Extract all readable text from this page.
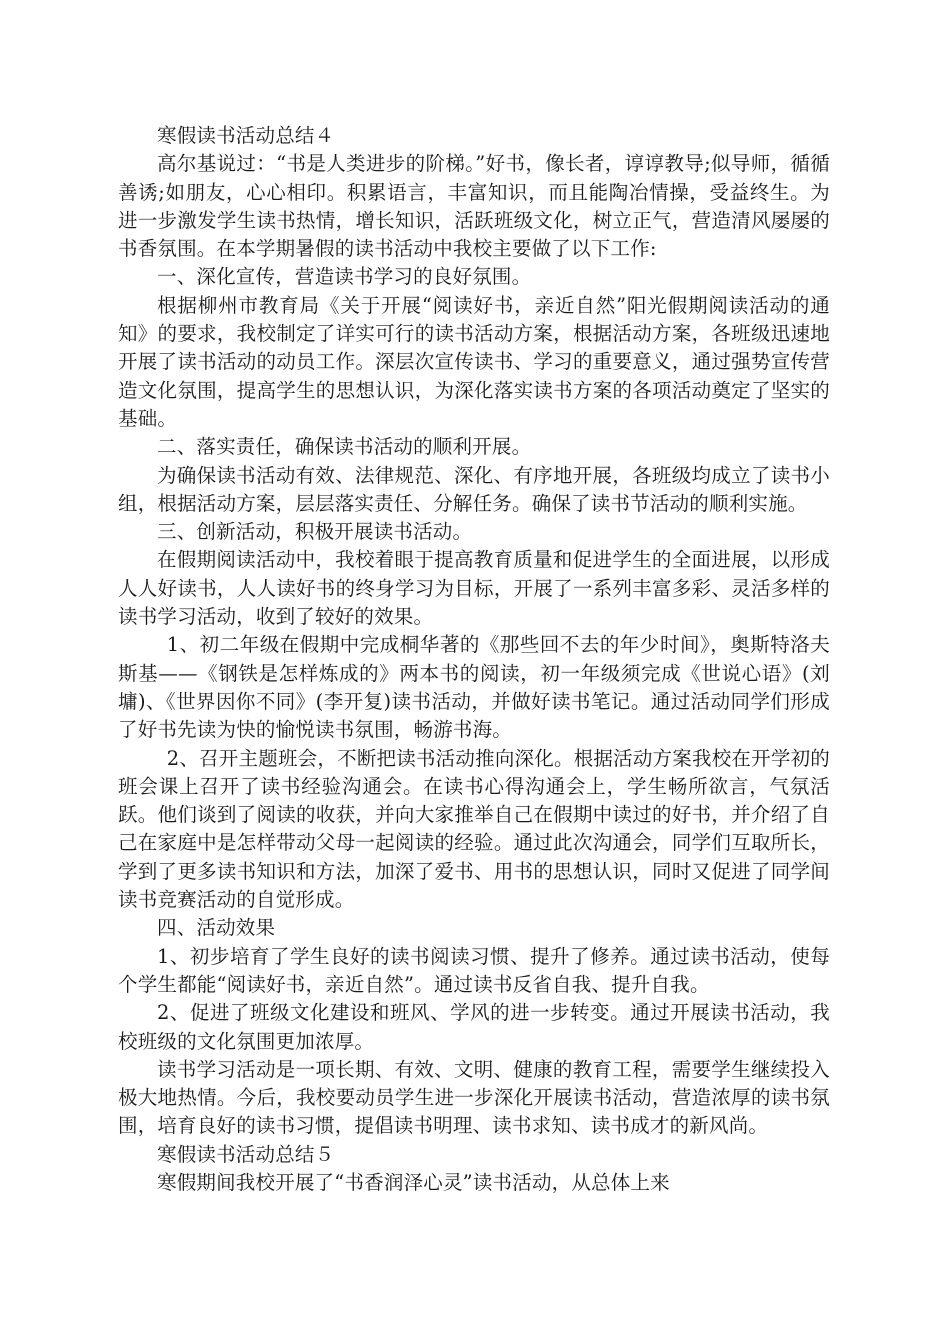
寒假读书活动总结４

高尔基说过：“书是人类进步的阶梯。”好书，像长者，谆谆教导;似导师，循循善诱;如朋友，心心相印。积累语言，丰富知识，而且能陶冶情操，受益终生。为进一步激发学生读书热情，增长知识，活跃班级文化，树立正气，营造清风屡屡的书香氛围。在本学期暑假的读书活动中我校主要做了以下工作:

一、深化宣传，营造读书学习的良好氛围。

根据柳州市教育局《关于开展“阅读好书，亲近自然”阳光假期阅读活动的通知》的要求，我校制定了详实可行的读书活动方案，根据活动方案，各班级迅速地开展了读书活动的动员工作。深层次宣传读书、学习的重要意义，通过强势宣传营造文化氛围，提高学生的思想认识，为深化落实读书方案的各项活动奠定了坚实的基础。

二、落实责任，确保读书活动的顺利开展。

为确保读书活动有效、法律规范、深化、有序地开展，各班级均成立了读书小组，根据活动方案，层层落实责任、分解任务。确保了读书节活动的顺利实施。

三、创新活动，积极开展读书活动。

在假期阅读活动中，我校着眼于提高教育质量和促进学生的全面进展，以形成人人好读书，人人读好书的终身学习为目标，开展了一系列丰富多彩、灵活多样的读书学习活动，收到了较好的效果。

1、初二年级在假期中完成桐华著的《那些回不去的年少时间》，奥斯特洛夫斯基——《钢铁是怎样炼成的》两本书的阅读，初一年级须完成《世说心语》(刘墉)、《世界因你不同》(李开复)读书活动，并做好读书笔记。通过活动同学们形成了好书先读为快的愉悦读书氛围，畅游书海。

2、召开主题班会，不断把读书活动推向深化。根据活动方案我校在开学初的班会课上召开了读书经验沟通会。在读书心得沟通会上，学生畅所欲言，气氛活跃。他们谈到了阅读的收获，并向大家推举自己在假期中读过的好书，并介绍了自己在家庭中是怎样带动父母一起阅读的经验。通过此次沟通会，同学们互取所长，学到了更多读书知识和方法，加深了爱书、用书的思想认识，同时又促进了同学间读书竞赛活动的自觉形成。

四、活动效果

1、初步培育了学生良好的读书阅读习惯、提升了修养。通过读书活动，使每个学生都能“阅读好书，亲近自然”。通过读书反省自我、提升自我。

2、促进了班级文化建设和班风、学风的进一步转变。通过开展读书活动，我校班级的文化氛围更加浓厚。

读书学习活动是一项长期、有效、文明、健康的教育工程，需要学生继续投入极大地热情。今后，我校要动员学生进一步深化开展读书活动，营造浓厚的读书氛围，培育良好的读书习惯，提倡读书明理、读书求知、读书成才的新风尚。

寒假读书活动总结５

寒假期间我校开展了“书香润泽心灵”读书活动，从总体上来
